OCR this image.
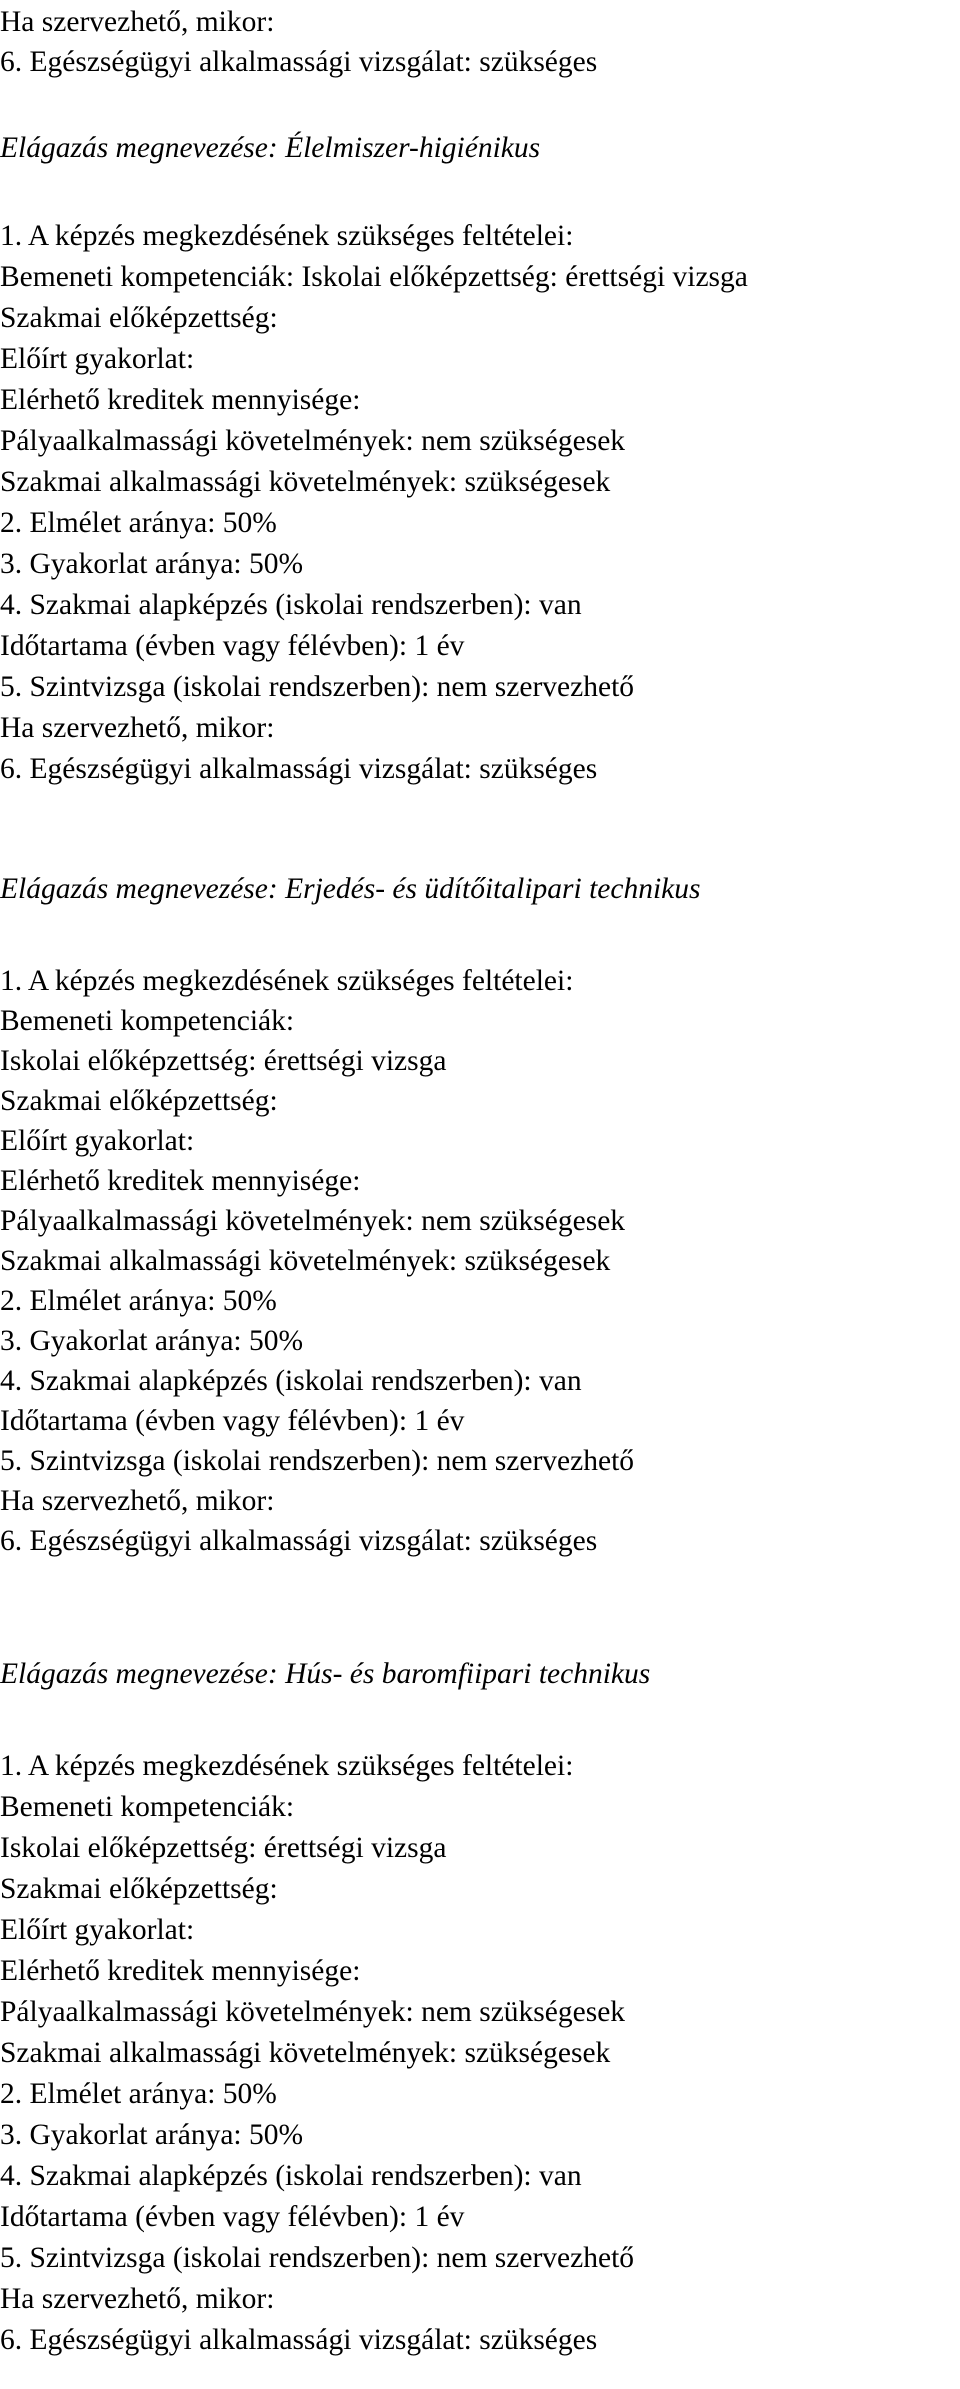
Ha szervezhető, mikor:
6. Egészségügyi alkalmassági vizsgálat: szükséges
Elágazás megnevezése: Élelmiszer-higiénikus
1. A képzés megkezdésének szükséges feltételei:
Bemeneti kompetenciák: Iskolai előképzettség: érettségi vizsga
Szakmai előképzettség:
Előírt gyakorlat:
Elérhető kreditek mennyisége:
Pályaalkalmassági követelmények: nem szükségesek
Szakmai alkalmassági követelmények: szükségesek
2. Elmélet aránya: 50%
3. Gyakorlat aránya: 50%
4. Szakmai alapképzés (iskolai rendszerben): van
Időtartama (évben vagy félévben): 1 év
5. Szintvizsga (iskolai rendszerben): nem szervezhető
Ha szervezhető, mikor:
6. Egészségügyi alkalmassági vizsgálat: szükséges
Elágazás megnevezése: Erjedés- és üdítőitalipari technikus
1. A képzés megkezdésének szükséges feltételei:
Bemeneti kompetenciák:
Iskolai előképzettség: érettségi vizsga
Szakmai előképzettség:
Előírt gyakorlat:
Elérhető kreditek mennyisége:
Pályaalkalmassági követelmények: nem szükségesek
Szakmai alkalmassági követelmények: szükségesek
2. Elmélet aránya: 50%
3. Gyakorlat aránya: 50%
4. Szakmai alapképzés (iskolai rendszerben): van
Időtartama (évben vagy félévben): 1 év
5. Szintvizsga (iskolai rendszerben): nem szervezhető
Ha szervezhető, mikor:
6. Egészségügyi alkalmassági vizsgálat: szükséges
Elágazás megnevezése: Hús- és baromfiipari technikus
1. A képzés megkezdésének szükséges feltételei:
Bemeneti kompetenciák:
Iskolai előképzettség: érettségi vizsga
Szakmai előképzettség:
Előírt gyakorlat:
Elérhető kreditek mennyisége:
Pályaalkalmassági követelmények: nem szükségesek
Szakmai alkalmassági követelmények: szükségesek
2. Elmélet aránya: 50%
3. Gyakorlat aránya: 50%
4. Szakmai alapképzés (iskolai rendszerben): van
Időtartama (évben vagy félévben): 1 év
5. Szintvizsga (iskolai rendszerben): nem szervezhető
Ha szervezhető, mikor:
6. Egészségügyi alkalmassági vizsgálat: szükséges
